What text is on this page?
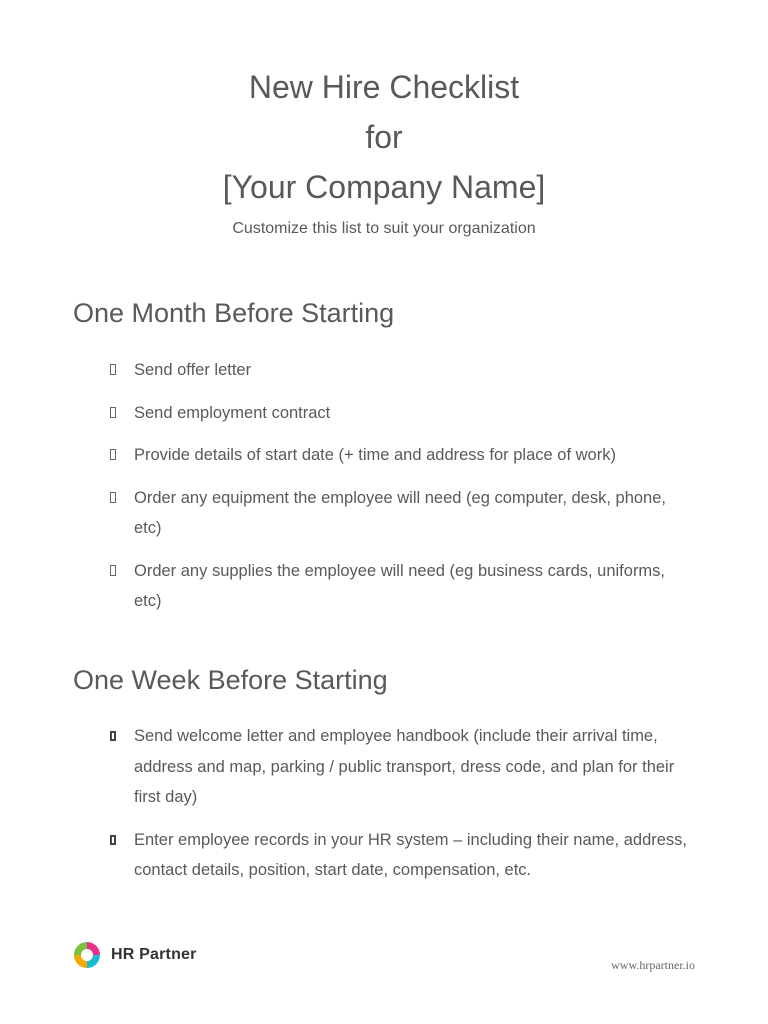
New Hire Checklist
for
[Your Company Name]
Customize this list to suit your organization
One Month Before Starting
Send offer letter
Send employment contract
Provide details of start date (+ time and address for place of work)
Order any equipment the employee will need (eg computer, desk, phone, etc)
Order any supplies the employee will need (eg business cards, uniforms, etc)
One Week Before Starting
Send welcome letter and employee handbook (include their arrival time, address and map, parking / public transport, dress code, and plan for their first day)
Enter employee records in your HR system – including their name, address, contact details, position, start date, compensation, etc.
HR Partner
www.hrpartner.io
